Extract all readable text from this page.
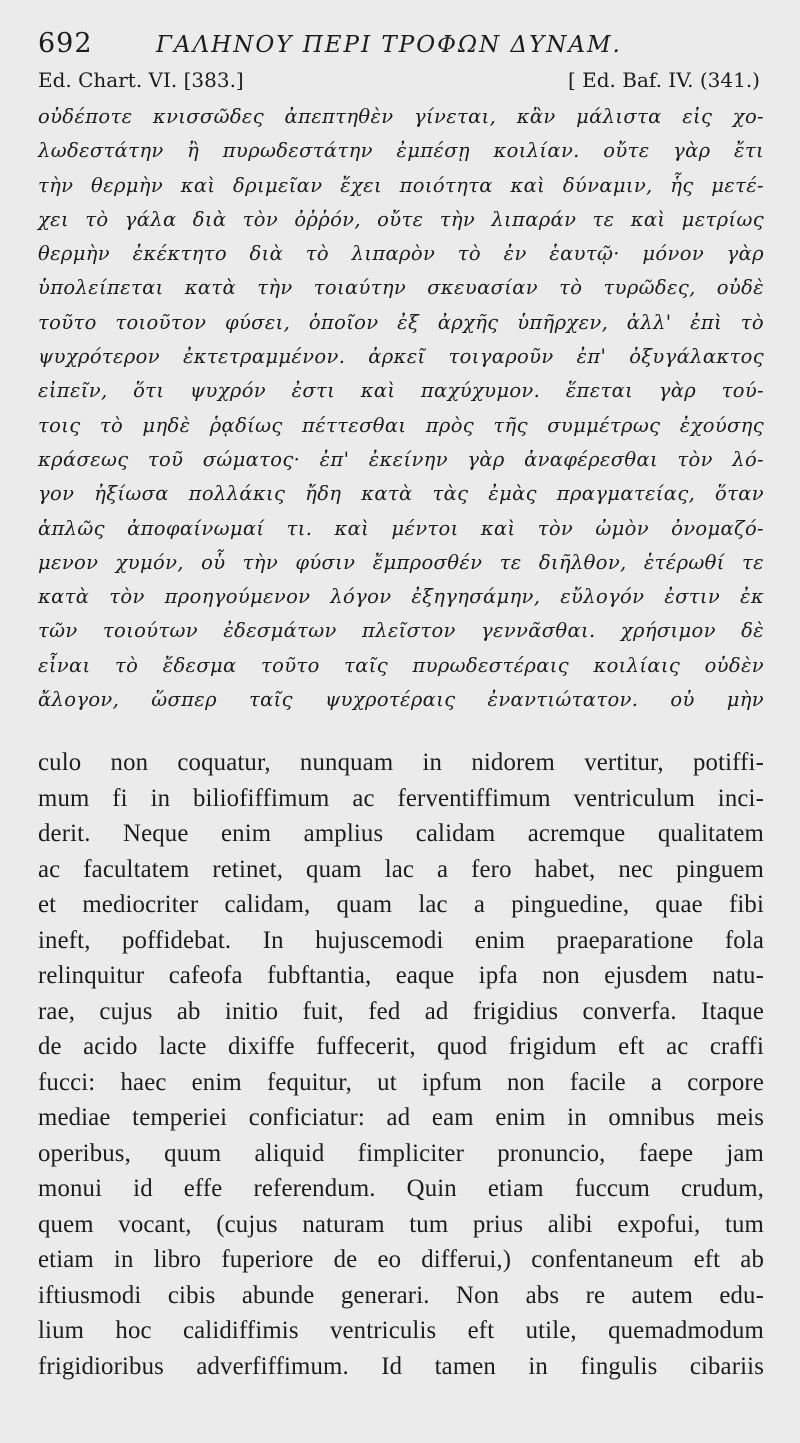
692	ΓΑΛΗΝΟΥ ΠΕΡΙ ΤΡΟΦΩΝ ΔΥΝΑΜ.
Ed. Chart. VI. [383.]	[ Ed. Baf. IV. (341.)
οὐδέποτε κνισσῶδες ἀπεπτηθὲν γίνεται, κἂν μάλιστα εἰς χο-
λωδεστάτην ἢ πυρωδεστάτην ἐμπέσῃ κοιλίαν. οὔτε γὰρ ἔτι
τὴν θερμὴν καὶ δριμεῖαν ἔχει ποιότητα καὶ δύναμιν, ἧς μετέ-
χει τὸ γάλα διὰ τὸν ὀῤῥόν, οὔτε τὴν λιπαράν τε καὶ μετρίως
θερμὴν ἐκέκτητο διὰ τὸ λιπαρὸν τὸ ἐν ἑαυτῷ· μόνον γὰρ
ὑπολείπεται κατὰ τὴν τοιαύτην σκευασίαν τὸ τυρῶδες, οὐδὲ
τοῦτο τοιοῦτον φύσει, ὁποῖον ἐξ ἀρχῆς ὑπῆρχεν, ἀλλ' ἐπὶ τὸ
ψυχρότερον ἐκτετραμμένον. ἀρκεῖ τοιγαροῦν ἐπ' ὀξυγάλακτος
εἰπεῖν, ὅτι ψυχρόν ἐστι καὶ παχύχυμον. ἕπεται γὰρ τού-
τοις τὸ μηδὲ ῥᾳδίως πέττεσθαι πρὸς τῆς συμμέτρως ἐχούσης
κράσεως τοῦ σώματος· ἐπ' ἐκείνην γὰρ ἀναφέρεσθαι τὸν λό-
γον ἠξίωσα πολλάκις ἤδη κατὰ τὰς ἐμὰς πραγματείας, ὅταν
ἁπλῶς ἀποφαίνωμαί τι. καὶ μέντοι καὶ τὸν ὠμὸν ὀνομαζό-
μενον χυμόν, οὗ τὴν φύσιν ἔμπροσθέν τε διῆλθον, ἑτέρωθί τε
κατὰ τὸν προηγούμενον λόγον ἐξηγησάμην, εὔλογόν ἐστιν ἐκ
τῶν τοιούτων ἐδεσμάτων πλεῖστον γεννᾶσθαι. χρήσιμον δὲ
εἶναι τὸ ἔδεσμα τοῦτο ταῖς πυρωδεστέραις κοιλίαις οὐδὲν
ἄλογον, ὥσπερ ταῖς ψυχροτέραις ἐναντιώτατον. οὐ μὴν
culo non coquatur, nunquam in nidorem vertitur, potiffi-
mum fi in biliofiffimum ac ferventiffimum ventriculum inci-
derit. Neque enim amplius calidam acremque qualitatem
ac facultatem retinet, quam lac a fero habet, nec pinguem
et mediocriter calidam, quam lac a pinguedine, quae fibi
ineft, poffidebat. In hujuscemodi enim praeparatione fola
relinquitur cafeofa fubftantia, eaque ipfa non ejusdem natu-
rae, cujus ab initio fuit, fed ad frigidius converfa. Itaque
de acido lacte dixiffe fuffecerit, quod frigidum eft ac craffi
fucci: haec enim fequitur, ut ipfum non facile a corpore
mediae temperiei conficiatur: ad eam enim in omnibus meis
operibus, quum aliquid fimpliciter pronuncio, faepe jam
monui id effe referendum. Quin etiam fuccum crudum,
quem vocant, (cujus naturam tum prius alibi expofui, tum
etiam in libro fuperiore de eo differui,) confentaneum eft ab
iftiusmodi cibis abunde generari. Non abs re autem edu-
lium hoc calidiffimis ventriculis eft utile, quemadmodum
frigidioribus adverfiffimum. Id tamen in fingulis cibariis
